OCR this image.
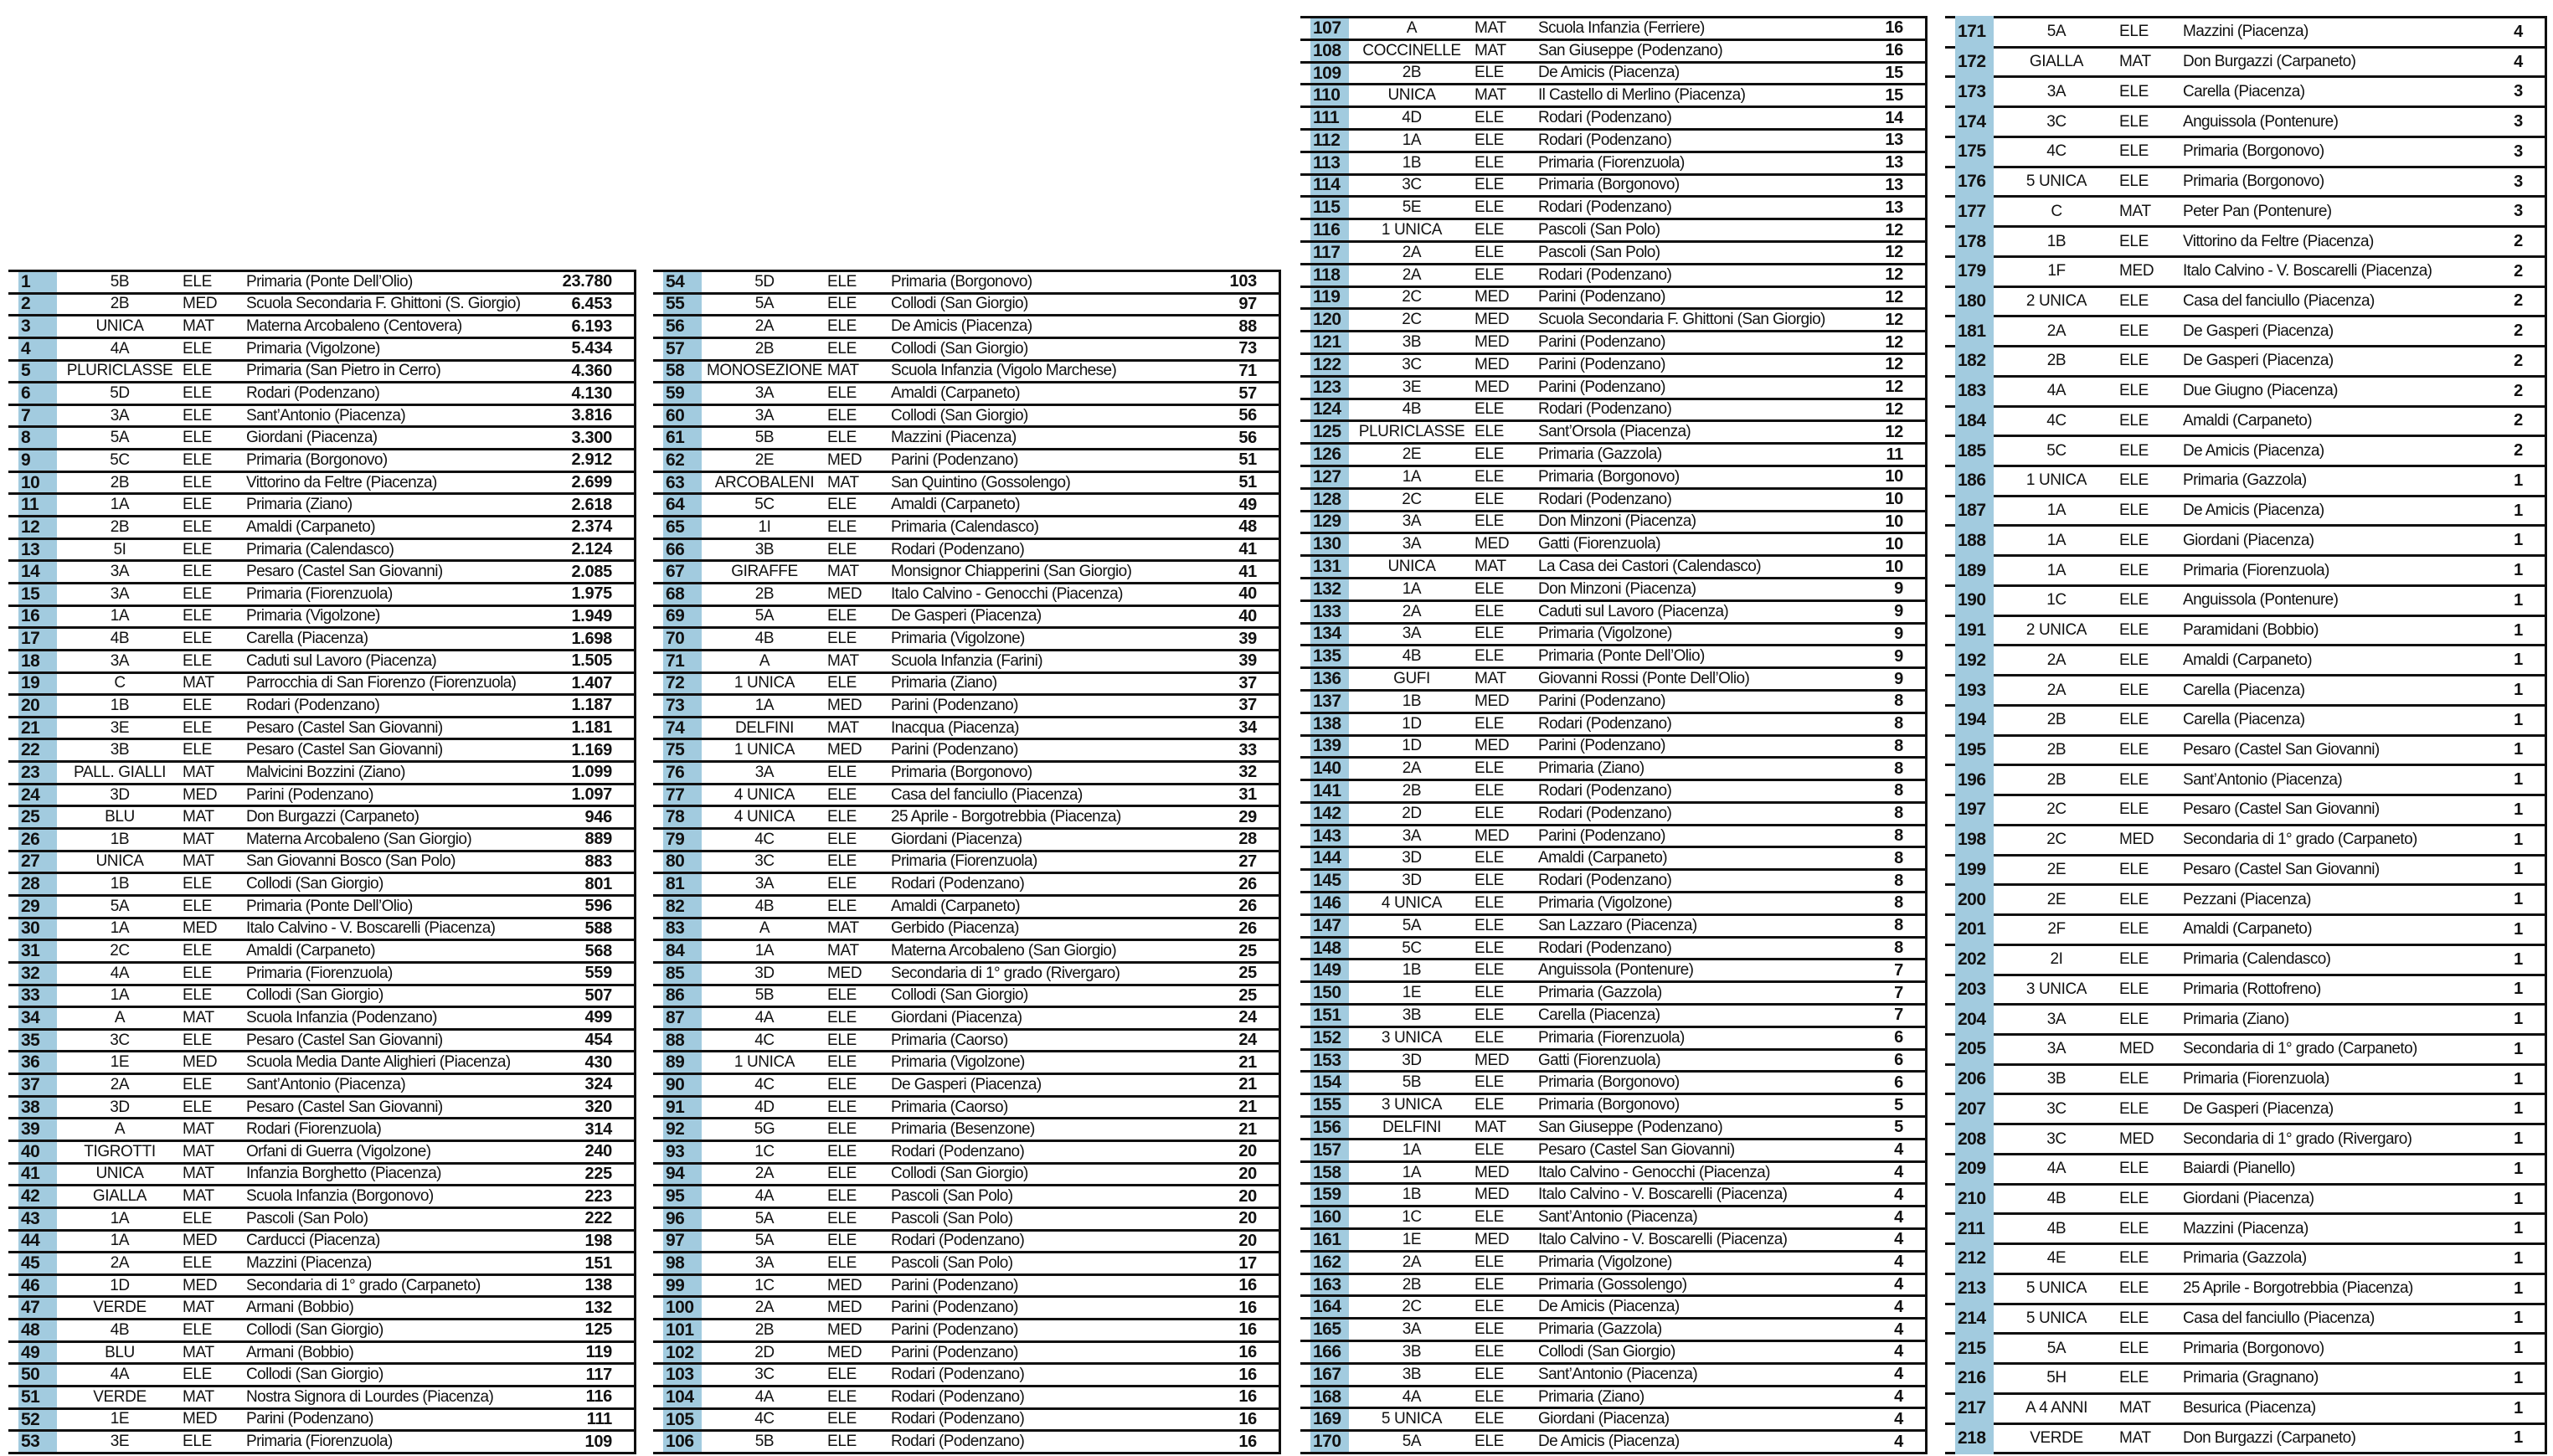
1	5B	ELE	Primaria (Ponte Dell’Olio)	23.780
2	2B	MED	Scuola Secondaria F. Ghittoni (S. Giorgio)	6.453
3	UNICA	MAT	Materna Arcobaleno (Centovera)	6.193
4	4A	ELE	Primaria (Vigolzone)	5.434
5	PLURICLASSE ELE	Primaria (San Pietro in Cerro)	4.360
6	5D	ELE	Rodari (Podenzano)	4.130
7	3A	ELE	Sant’Antonio (Piacenza)	3.816
8	5A	ELE	Giordani (Piacenza)	3.300
9	5C	ELE	Primaria (Borgonovo)	2.912
10	2B	ELE	Vittorino da Feltre (Piacenza)	2.699
11	1A	ELE	Primaria (Ziano)	2.618
12	2B	ELE	Amaldi (Carpaneto)	2.374
13	5I	ELE	Primaria (Calendasco)	2.124
14	3A	ELE	Pesaro (Castel San Giovanni)	2.085
15	3A	ELE	Primaria (Fiorenzuola)	1.975
16	1A	ELE	Primaria (Vigolzone)	1.949
17	4B	ELE	Carella (Piacenza)	1.698
18	3A	ELE	Caduti sul Lavoro (Piacenza)	1.505
19	C	MAT	Parrocchia di San Fiorenzo (Fiorenzuola)	1.407
20	1B	ELE	Rodari (Podenzano)	1.187
21	3E	ELE	Pesaro (Castel San Giovanni)	1.181
22	3B	ELE	Pesaro (Castel San Giovanni)	1.169
23	PALL. GIALLI	MAT	Malvicini Bozzini (Ziano)	1.099
24	3D	MED	Parini (Podenzano)	1.097
25	BLU	MAT	Don Burgazzi (Carpaneto)	946
26	1B	MAT	Materna Arcobaleno (San Giorgio)	889
27	UNICA	MAT	San Giovanni Bosco (San Polo)	883
28	1B	ELE	Collodi (San Giorgio)	801
29	5A	ELE	Primaria (Ponte Dell’Olio)	596
30	1A	MED	Italo Calvino - V. Boscarelli (Piacenza)	588
31	2C	ELE	Amaldi (Carpaneto)	568
32	4A	ELE	Primaria (Fiorenzuola)	559
33	1A	ELE	Collodi (San Giorgio)	507
34	A	MAT	Scuola Infanzia (Podenzano)	499
35	3C	ELE	Pesaro (Castel San Giovanni)	454
36	1E	MED	Scuola Media Dante Alighieri (Piacenza)	430
37	2A	ELE	Sant’Antonio (Piacenza)	324
38	3D	ELE	Pesaro (Castel San Giovanni)	320
39	A	MAT	Rodari (Fiorenzuola)	314
40	TIGROTTI	MAT	Orfani di Guerra (Vigolzone)	240
41	UNICA	MAT	Infanzia Borghetto (Piacenza)	225
42	GIALLA	MAT	Scuola Infanzia (Borgonovo)	223
43	1A	ELE	Pascoli (San Polo)	222
44	1A	MED	Carducci (Piacenza)	198
45	2A	ELE	Mazzini (Piacenza)	151
46	1D	MED	Secondaria di 1° grado (Carpaneto)	138
47	VERDE	MAT	Armani (Bobbio)	132
48	4B	ELE	Collodi (San Giorgio)	125
49	BLU	MAT	Armani (Bobbio)	119
50	4A	ELE	Collodi (San Giorgio)	117
51	VERDE	MAT	Nostra Signora di Lourdes (Piacenza)	116
52	1E	MED	Parini (Podenzano)	111
53	3E	ELE	Primaria (Fiorenzuola)	109
54	5D	ELE	Primaria (Borgonovo)	103
55	5A	ELE	Collodi (San Giorgio)	97
56	2A	ELE	De Amicis (Piacenza)	88
57	2B	ELE	Collodi (San Giorgio)	73
58	MONOSEZIONE MAT	Scuola Infanzia (Vigolo Marchese)	71
59	3A	ELE	Amaldi (Carpaneto)	57
60	3A	ELE	Collodi (San Giorgio)	56
61	5B	ELE	Mazzini (Piacenza)	56
62	2E	MED	Parini (Podenzano)	51
63	ARCOBALENI MAT	San Quintino (Gossolengo)	51
64	5C	ELE	Amaldi (Carpaneto)	49
65	1I	ELE	Primaria (Calendasco)	48
66	3B	ELE	Rodari (Podenzano)	41
67	GIRAFFE	MAT	Monsignor Chiapperini (San Giorgio)	41
68	2B	MED	Italo Calvino - Genocchi (Piacenza)	40
69	5A	ELE	De Gasperi (Piacenza)	40
70	4B	ELE	Primaria (Vigolzone)	39
71	A	MAT	Scuola Infanzia (Farini)	39
72	1 UNICA	ELE	Primaria (Ziano)	37
73	1A	MED	Parini (Podenzano)	37
74	DELFINI	MAT	Inacqua (Piacenza)	34
75	1 UNICA	MED	Parini (Podenzano)	33
76	3A	ELE	Primaria (Borgonovo)	32
77	4 UNICA	ELE	Casa del fanciullo (Piacenza)	31
78	4 UNICA	ELE	25 Aprile - Borgotrebbia (Piacenza)	29
79	4C	ELE	Giordani (Piacenza)	28
80	3C	ELE	Primaria (Fiorenzuola)	27
81	3A	ELE	Rodari (Podenzano)	26
82	4B	ELE	Amaldi (Carpaneto)	26
83	A	MAT	Gerbido (Piacenza)	26
84	1A	MAT	Materna Arcobaleno (San Giorgio)	25
85	3D	MED	Secondaria di 1° grado (Rivergaro)	25
86	5B	ELE	Collodi (San Giorgio)	25
87	4A	ELE	Giordani (Piacenza)	24
88	4C	ELE	Primaria (Caorso)	24
89	1 UNICA	ELE	Primaria (Vigolzone)	21
90	4C	ELE	De Gasperi (Piacenza)	21
91	4D	ELE	Primaria (Caorso)	21
92	5G	ELE	Primaria (Besenzone)	21
93	1C	ELE	Rodari (Podenzano)	20
94	2A	ELE	Collodi (San Giorgio)	20
95	4A	ELE	Pascoli (San Polo)	20
96	5A	ELE	Pascoli (San Polo)	20
97	5A	ELE	Rodari (Podenzano)	20
98	3A	ELE	Pascoli (San Polo)	17
99	1C	MED	Parini (Podenzano)	16
100	2A	MED	Parini (Podenzano)	16
101	2B	MED	Parini (Podenzano)	16
102	2D	MED	Parini (Podenzano)	16
103	3C	ELE	Rodari (Podenzano)	16
104	4A	ELE	Rodari (Podenzano)	16
105	4C	ELE	Rodari (Podenzano)	16
106	5B	ELE	Rodari (Podenzano)	16
107	A	MAT	Scuola Infanzia (Ferriere)	16
108	COCCINELLE MAT	San Giuseppe (Podenzano)	16
109	2B	ELE	De Amicis (Piacenza)	15
110	UNICA	MAT	Il Castello di Merlino (Piacenza)	15
111	4D	ELE	Rodari (Podenzano)	14
112	1A	ELE	Rodari (Podenzano)	13
113	1B	ELE	Primaria (Fiorenzuola)	13
114	3C	ELE	Primaria (Borgonovo)	13
115	5E	ELE	Rodari (Podenzano)	13
116	1 UNICA	ELE	Pascoli (San Polo)	12
117	2A	ELE	Pascoli (San Polo)	12
118	2A	ELE	Rodari (Podenzano)	12
119	2C	MED	Parini (Podenzano)	12
120	2C	MED	Scuola Secondaria F. Ghittoni (San Giorgio)	12
121	3B	MED	Parini (Podenzano)	12
122	3C	MED	Parini (Podenzano)	12
123	3E	MED	Parini (Podenzano)	12
124	4B	ELE	Rodari (Podenzano)	12
125	PLURICLASSE ELE	Sant’Orsola (Piacenza)	12
126	2E	ELE	Primaria (Gazzola)	11
127	1A	ELE	Primaria (Borgonovo)	10
128	2C	ELE	Rodari (Podenzano)	10
129	3A	ELE	Don Minzoni (Piacenza)	10
130	3A	MED	Gatti (Fiorenzuola)	10
131	UNICA	MAT	La Casa dei Castori (Calendasco)	10
132	1A	ELE	Don Minzoni (Piacenza)	9
133	2A	ELE	Caduti sul Lavoro (Piacenza)	9
134	3A	ELE	Primaria (Vigolzone)	9
135	4B	ELE	Primaria (Ponte Dell’Olio)	9
136	GUFI	MAT	Giovanni Rossi (Ponte Dell’Olio)	9
137	1B	MED	Parini (Podenzano)	8
138	1D	ELE	Rodari (Podenzano)	8
139	1D	MED	Parini (Podenzano)	8
140	2A	ELE	Primaria (Ziano)	8
141	2B	ELE	Rodari (Podenzano)	8
142	2D	ELE	Rodari (Podenzano)	8
143	3A	MED	Parini (Podenzano)	8
144	3D	ELE	Amaldi (Carpaneto)	8
145	3D	ELE	Rodari (Podenzano)	8
146	4 UNICA	ELE	Primaria (Vigolzone)	8
147	5A	ELE	San Lazzaro (Piacenza)	8
148	5C	ELE	Rodari (Podenzano)	8
149	1B	ELE	Anguissola (Pontenure)	7
150	1E	ELE	Primaria (Gazzola)	7
151	3B	ELE	Carella (Piacenza)	7
152	3 UNICA	ELE	Primaria (Fiorenzuola)	6
153	3D	MED	Gatti (Fiorenzuola)	6
154	5B	ELE	Primaria (Borgonovo)	6
155	3 UNICA	ELE	Primaria (Borgonovo)	5
156	DELFINI	MAT	San Giuseppe (Podenzano)	5
157	1A	ELE	Pesaro (Castel San Giovanni)	4
158	1A	MED	Italo Calvino - Genocchi (Piacenza)	4
159	1B	MED	Italo Calvino - V. Boscarelli (Piacenza)	4
160	1C	ELE	Sant’Antonio (Piacenza)	4
161	1E	MED	Italo Calvino - V. Boscarelli (Piacenza)	4
162	2A	ELE	Primaria (Vigolzone)	4
163	2B	ELE	Primaria (Gossolengo)	4
164	2C	ELE	De Amicis (Piacenza)	4
165	3A	ELE	Primaria (Gazzola)	4
166	3B	ELE	Collodi (San Giorgio)	4
167	3B	ELE	Sant’Antonio (Piacenza)	4
168	4A	ELE	Primaria (Ziano)	4
169	5 UNICA	ELE	Giordani (Piacenza)	4
170	5A	ELE	De Amicis (Piacenza)	4
171	5A	ELE	Mazzini (Piacenza)	4
172	GIALLA	MAT	Don Burgazzi (Carpaneto)	4
173	3A	ELE	Carella (Piacenza)	3
174	3C	ELE	Anguissola (Pontenure)	3
175	4C	ELE	Primaria (Borgonovo)	3
176	5 UNICA	ELE	Primaria (Borgonovo)	3
177	C	MAT	Peter Pan (Pontenure)	3
178	1B	ELE	Vittorino da Feltre (Piacenza)	2
179	1F	MED	Italo Calvino - V. Boscarelli (Piacenza)	2
180	2 UNICA	ELE	Casa del fanciullo (Piacenza)	2
181	2A	ELE	De Gasperi (Piacenza)	2
182	2B	ELE	De Gasperi (Piacenza)	2
183	4A	ELE	Due Giugno (Piacenza)	2
184	4C	ELE	Amaldi (Carpaneto)	2
185	5C	ELE	De Amicis (Piacenza)	2
186	1 UNICA	ELE	Primaria (Gazzola)	1
187	1A	ELE	De Amicis (Piacenza)	1
188	1A	ELE	Giordani (Piacenza)	1
189	1A	ELE	Primaria (Fiorenzuola)	1
190	1C	ELE	Anguissola (Pontenure)	1
191	2 UNICA	ELE	Paramidani (Bobbio)	1
192	2A	ELE	Amaldi (Carpaneto)	1
193	2A	ELE	Carella (Piacenza)	1
194	2B	ELE	Carella (Piacenza)	1
195	2B	ELE	Pesaro (Castel San Giovanni)	1
196	2B	ELE	Sant’Antonio (Piacenza)	1
197	2C	ELE	Pesaro (Castel San Giovanni)	1
198	2C	MED	Secondaria di 1° grado (Carpaneto)	1
199	2E	ELE	Pesaro (Castel San Giovanni)	1
200	2E	ELE	Pezzani (Piacenza)	1
201	2F	ELE	Amaldi (Carpaneto)	1
202	2I	ELE	Primaria (Calendasco)	1
203	3 UNICA	ELE	Primaria (Rottofreno)	1
204	3A	ELE	Primaria (Ziano)	1
205	3A	MED	Secondaria di 1° grado (Carpaneto)	1
206	3B	ELE	Primaria (Fiorenzuola)	1
207	3C	ELE	De Gasperi (Piacenza)	1
208	3C	MED	Secondaria di 1° grado (Rivergaro)	1
209	4A	ELE	Baiardi (Pianello)	1
210	4B	ELE	Giordani (Piacenza)	1
211	4B	ELE	Mazzini (Piacenza)	1
212	4E	ELE	Primaria (Gazzola)	1
213	5 UNICA	ELE	25 Aprile - Borgotrebbia (Piacenza)	1
214	5 UNICA	ELE	Casa del fanciullo (Piacenza)	1
215	5A	ELE	Primaria (Borgonovo)	1
216	5H	ELE	Primaria (Gragnano)	1
217	A 4 ANNI	MAT	Besurica (Piacenza)	1
218	VERDE	MAT	Don Burgazzi (Carpaneto)	1
